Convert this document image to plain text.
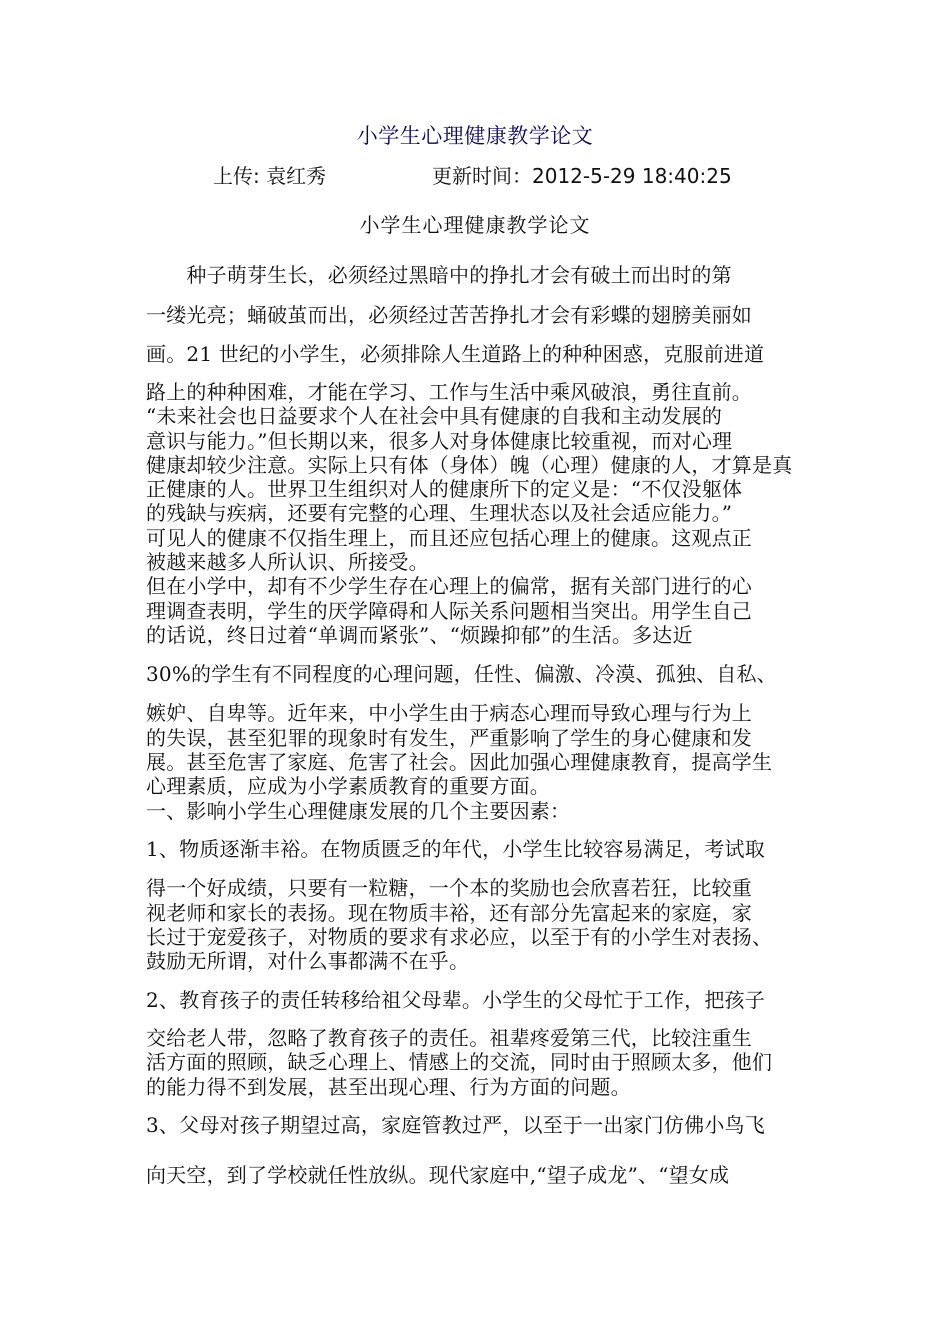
小学生心理健康教学论文
上传: 袁红秀	更新时间：2012-5-29 18:40:25
小学生心理健康教学论文
　　种子萌芽生长，必须经过黑暗中的挣扎才会有破土而出时的第
一缕光亮；蛹破茧而出，必须经过苦苦挣扎才会有彩蝶的翅膀美丽如
画。21 世纪的小学生，必须排除人生道路上的种种困惑，克服前进道
路上的种种困难，才能在学习、工作与生活中乘风破浪，勇往直前。
“未来社会也日益要求个人在社会中具有健康的自我和主动发展的
意识与能力。”但长期以来，很多人对身体健康比较重视，而对心理
健康却较少注意。实际上只有体（身体）魄（心理）健康的人，才算是真
正健康的人。世界卫生组织对人的健康所下的定义是：“不仅没躯体
的残缺与疾病，还要有完整的心理、生理状态以及社会适应能力。”
可见人的健康不仅指生理上，而且还应包括心理上的健康。这观点正
被越来越多人所认识、所接受。
但在小学中，却有不少学生存在心理上的偏常，据有关部门进行的心
理调查表明，学生的厌学障碍和人际关系问题相当突出。用学生自己
的话说，终日过着“单调而紧张”、“烦躁抑郁”的生活。多达近
30%的学生有不同程度的心理问题，任性、偏激、冷漠、孤独、自私、
嫉妒、自卑等。近年来，中小学生由于病态心理而导致心理与行为上
的失误，甚至犯罪的现象时有发生，严重影响了学生的身心健康和发
展。甚至危害了家庭、危害了社会。因此加强心理健康教育，提高学生
心理素质，应成为小学素质教育的重要方面。
一、影响小学生心理健康发展的几个主要因素：
1、物质逐渐丰裕。在物质匮乏的年代，小学生比较容易满足，考试取
得一个好成绩，只要有一粒糖，一个本的奖励也会欣喜若狂，比较重
视老师和家长的表扬。现在物质丰裕，还有部分先富起来的家庭，家
长过于宠爱孩子，对物质的要求有求必应，以至于有的小学生对表扬、
鼓励无所谓，对什么事都满不在乎。
2、教育孩子的责任转移给祖父母辈。小学生的父母忙于工作，把孩子
交给老人带，忽略了教育孩子的责任。祖辈疼爱第三代，比较注重生
活方面的照顾，缺乏心理上、情感上的交流，同时由于照顾太多，他们
的能力得不到发展，甚至出现心理、行为方面的问题。
3、父母对孩子期望过高，家庭管教过严，以至于一出家门仿佛小鸟飞
向天空，到了学校就任性放纵。现代家庭中,“望子成龙”、“望女成
